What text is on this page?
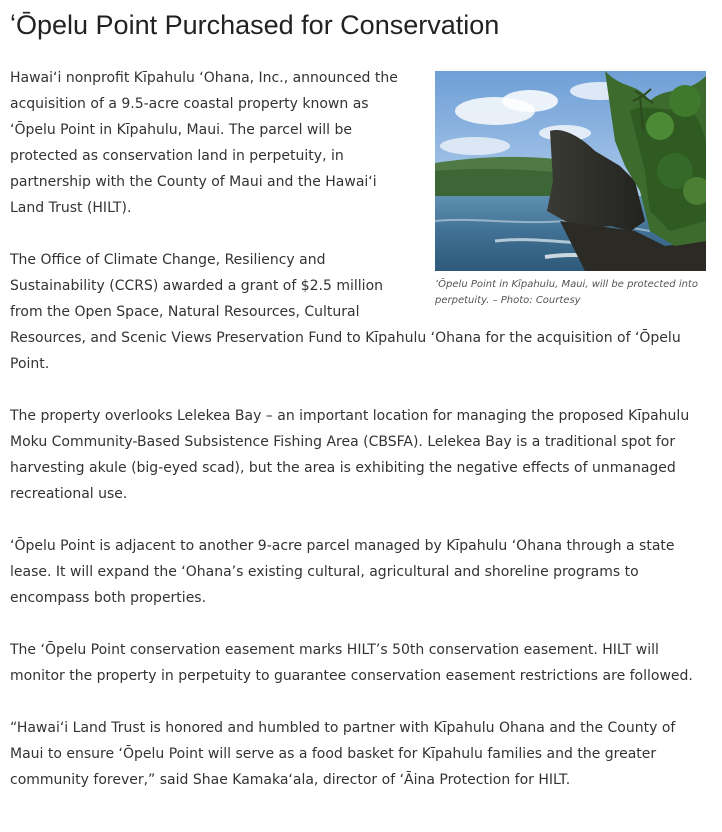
ʻŌpelu Point Purchased for Conservation
ʻŌpelu Point in Kīpahulu, Maui, will be protected into perpetuity. – Photo: Courtesy

Hawaiʻi nonprofit Kīpahulu ʻOhana, Inc., announced the acquisition of a 9.5-acre coastal property known as ʻŌpelu Point in Kīpahulu, Maui. The parcel will be protected as conservation land in perpetuity, in partnership with the County of Maui and the Hawaiʻi Land Trust (HILT).

The Office of Climate Change, Resiliency and Sustainability (CCRS) awarded a grant of $2.5 million from the Open Space, Natural Resources, Cultural Resources, and Scenic Views Preservation Fund to Kīpahulu ʻOhana for the acquisition of ʻŌpelu Point.

The property overlooks Lelekea Bay – an important location for managing the proposed Kīpahulu Moku Community-Based Subsistence Fishing Area (CBSFA). Lelekea Bay is a traditional spot for harvesting akule (big-eyed scad), but the area is exhibiting the negative effects of unmanaged recreational use.

ʻŌpelu Point is adjacent to another 9-acre parcel managed by Kīpahulu ʻOhana through a state lease. It will expand the ʻOhana’s existing cultural, agricultural and shoreline programs to encompass both properties.

The ʻŌpelu Point conservation easement marks HILT’s 50th conservation easement. HILT will monitor the property in perpetuity to guarantee conservation easement restrictions are followed.

“Hawaiʻi Land Trust is honored and humbled to partner with Kīpahulu Ohana and the County of Maui to ensure ʻŌpelu Point will serve as a food basket for Kīpahulu families and the greater community forever,” said Shae Kamakaʻala, director of ʻĀina Protection for HILT.
